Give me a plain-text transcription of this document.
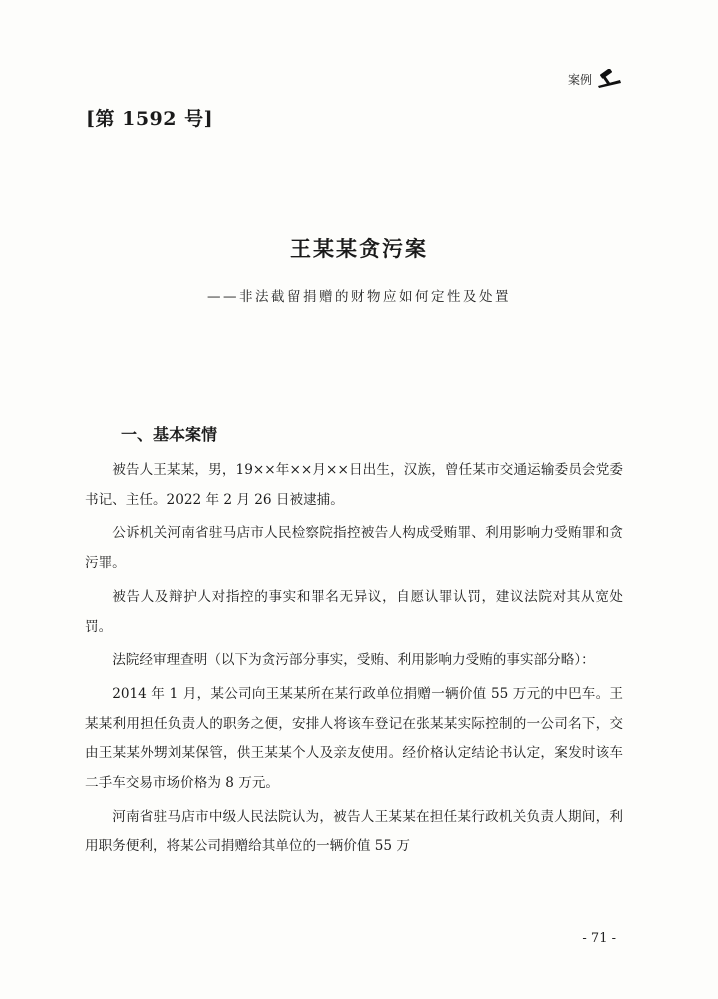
案例
[第 1592 号]
王某某贪污案
——非法截留捐赠的财物应如何定性及处置
一、基本案情

被告人王某某，男，19××年××月××日出生，汉族，曾任某市交通运输委员会党委书记、主任。2022 年 2 月 26 日被逮捕。

公诉机关河南省驻马店市人民检察院指控被告人构成受贿罪、利用影响力受贿罪和贪污罪。

被告人及辩护人对指控的事实和罪名无异议，自愿认罪认罚，建议法院对其从宽处罚。

法院经审理查明（以下为贪污部分事实，受贿、利用影响力受贿的事实部分略）：

2014 年 1 月，某公司向王某某所在某行政单位捐赠一辆价值 55 万元的中巴车。王某某利用担任负责人的职务之便，安排人将该车登记在张某某实际控制的一公司名下，交由王某某外甥刘某保管，供王某某个人及亲友使用。经价格认定结论书认定，案发时该车二手车交易市场价格为 8 万元。

河南省驻马店市中级人民法院认为，被告人王某某在担任某行政机关负责人期间，利用职务便利，将某公司捐赠给其单位的一辆价值 55 万

- 71 -
